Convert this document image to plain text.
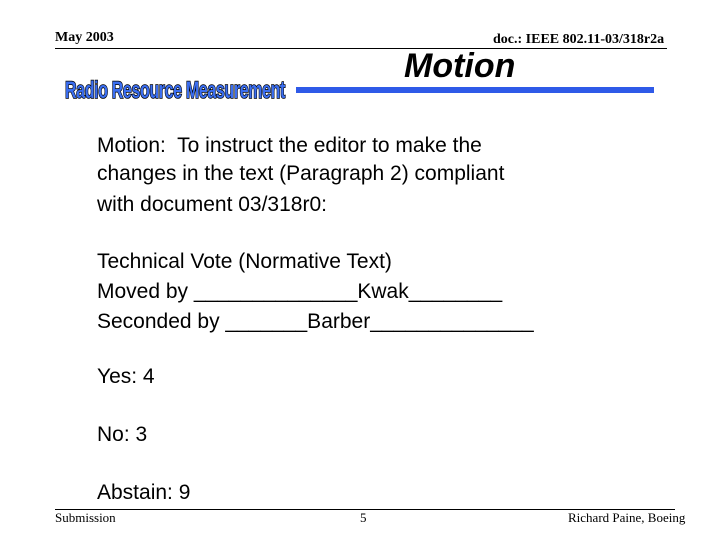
May 2003	doc.: IEEE 802.11-03/318r2a
Radio Resource Measurement
Motion
Motion:  To instruct the editor to make the
changes in the text (Paragraph 2) compliant
with document 03/318r0:
Technical Vote (Normative Text)
Moved by ______________Kwak________
Seconded by _______Barber______________
Yes: 4
No: 3
Abstain: 9
Submission	5	Richard Paine, Boeing
